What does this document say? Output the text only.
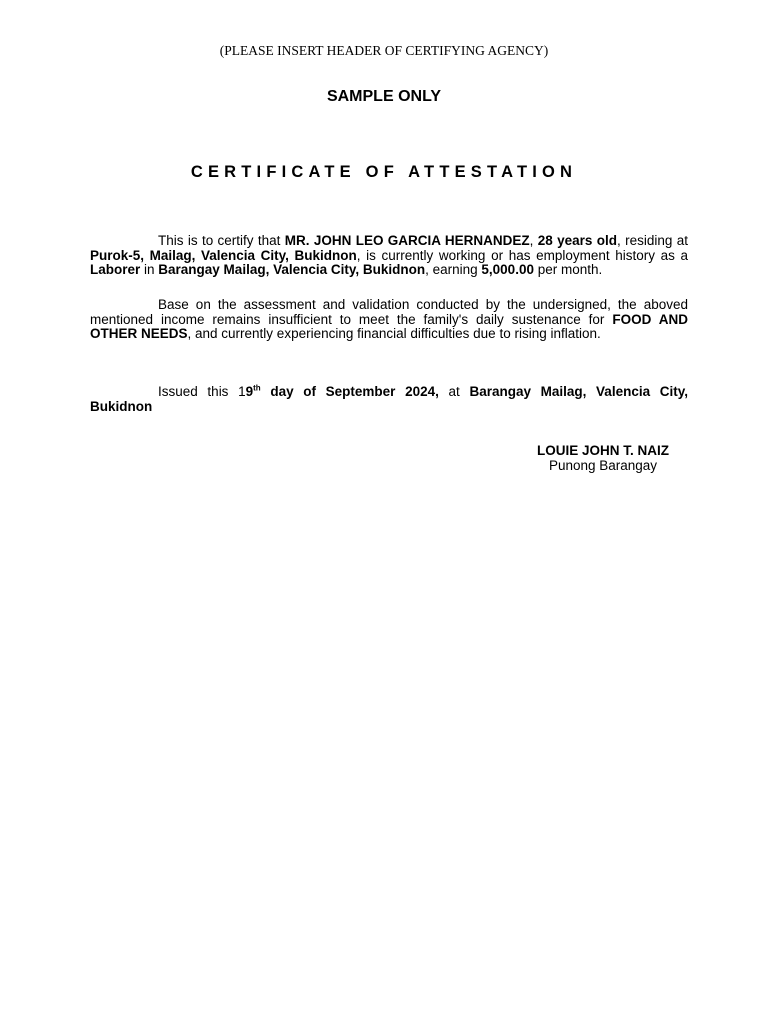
(PLEASE INSERT HEADER OF CERTIFYING AGENCY)
SAMPLE ONLY
CERTIFICATE OF ATTESTATION
This is to certify that MR. JOHN LEO GARCIA HERNANDEZ, 28 years old, residing at Purok-5, Mailag, Valencia City, Bukidnon, is currently working or has employment history as a Laborer in Barangay Mailag, Valencia City, Bukidnon, earning 5,000.00 per month.
Base on the assessment and validation conducted by the undersigned, the aboved mentioned income remains insufficient to meet the family's daily sustenance for FOOD AND OTHER NEEDS, and currently experiencing financial difficulties due to rising inflation.
Issued this 19th day of September 2024, at Barangay Mailag, Valencia City, Bukidnon
LOUIE JOHN T. NAIZ
Punong Barangay
